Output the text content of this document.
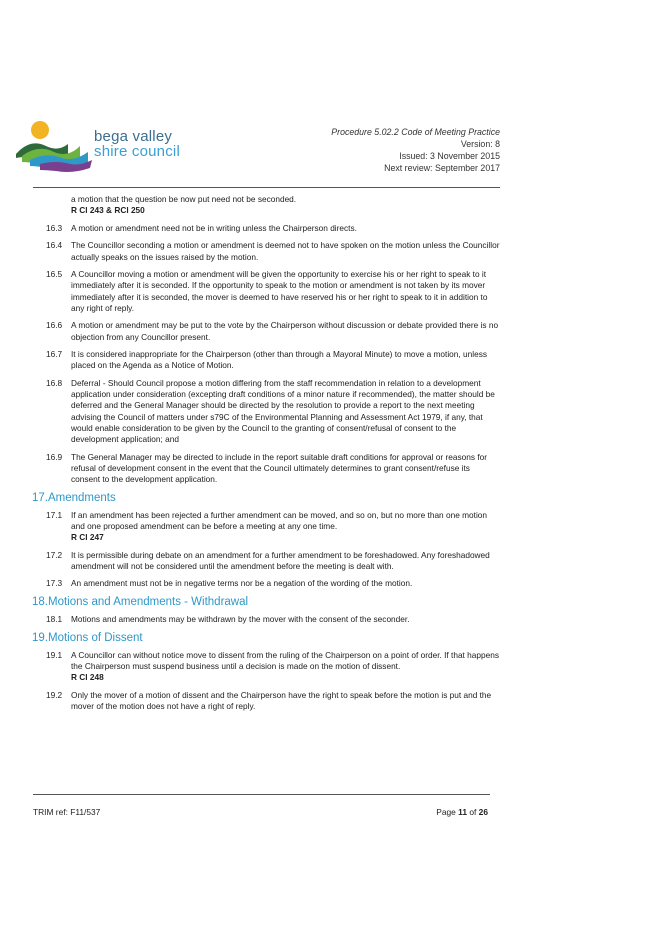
bega valley
shire council
Procedure 5.02.2 Code of Meeting Practice
Version: 8
Issued: 3 November 2015
Next review: September 2017
a motion that the question be now put need not be seconded.
R Cl 243 & RCl 250
16.3	A motion or amendment need not be in writing unless the Chairperson directs.
16.4	The Councillor seconding a motion or amendment is deemed not to have spoken on the motion unless the Councillor actually speaks on the issues raised by the motion.
16.5	A Councillor moving a motion or amendment will be given the opportunity to exercise his or her right to speak to it immediately after it is seconded. If the opportunity to speak to the motion or amendment is not taken by its mover immediately after it is seconded, the mover is deemed to have reserved his or her right to speak to it in addition to any right of reply.
16.6	A motion or amendment may be put to the vote by the Chairperson without discussion or debate provided there is no objection from any Councillor present.
16.7	It is considered inappropriate for the Chairperson (other than through a Mayoral Minute) to move a motion, unless placed on the Agenda as a Notice of Motion.
16.8	Deferral - Should Council propose a motion differing from the staff recommendation in relation to a development application under consideration (excepting draft conditions of a minor nature if recommended), the matter should be deferred and the General Manager should be directed by the resolution to provide a report to the next meeting advising the Council of matters under s79C of the Environmental Planning and Assessment Act 1979, if any, that would enable consideration to be given by the Council to the granting of consent/refusal of consent to the development application; and
16.9	The General Manager may be directed to include in the report suitable draft conditions for approval or reasons for refusal of development consent in the event that the Council ultimately determines to grant consent/refuse its consent to the development application.
17.Amendments
17.1	If an amendment has been rejected a further amendment can be moved, and so on, but no more than one motion and one proposed amendment can be before a meeting at any one time.
R Cl 247
17.2	It is permissible during debate on an amendment for a further amendment to be foreshadowed. Any foreshadowed amendment will not be considered until the amendment before the meeting is dealt with.
17.3	An amendment must not be in negative terms nor be a negation of the wording of the motion.
18.Motions and Amendments - Withdrawal
18.1	Motions and amendments may be withdrawn by the mover with the consent of the seconder.
19.Motions of Dissent
19.1	A Councillor can without notice move to dissent from the ruling of the Chairperson on a point of order. If that happens the Chairperson must suspend business until a decision is made on the motion of dissent.
R Cl 248
19.2	Only the mover of a motion of dissent and the Chairperson have the right to speak before the motion is put and the mover of the motion does not have a right of reply.
TRIM ref: F11/537	Page 11 of 26
